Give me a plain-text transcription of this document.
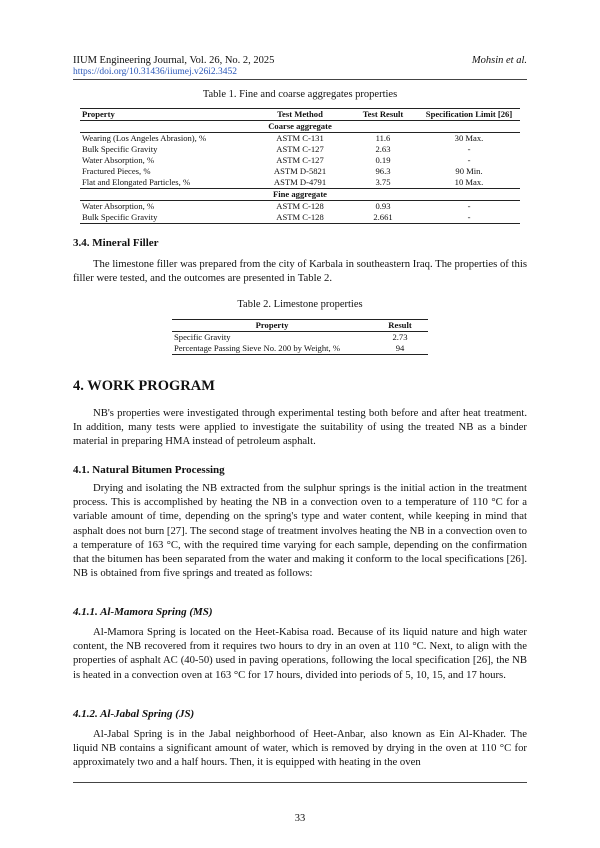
IIUM Engineering Journal, Vol. 26, No. 2, 2025	Mohsin et al.
https://doi.org/10.31436/iiumej.v26i2.3452
Table 1. Fine and coarse aggregates properties
Property	Test Method	Test Result	Specification Limit [26]
Coarse aggregate			
Wearing (Los Angeles Abrasion), %	ASTM C-131	11.6	30 Max.
Bulk Specific Gravity	ASTM C-127	2.63	-
Water Absorption, %	ASTM C-127	0.19	-
Fractured Pieces, %	ASTM D-5821	96.3	90 Min.
Flat and Elongated Particles, %	ASTM D-4791	3.75	10 Max.
Fine aggregate			
Water Absorption, %	ASTM C-128	0.93	-
Bulk Specific Gravity	ASTM C-128	2.661	-
3.4. Mineral Filler
The limestone filler was prepared from the city of Karbala in southeastern Iraq. The properties of this filler were tested, and the outcomes are presented in Table 2.
Table 2. Limestone properties
Property	Result
Specific Gravity	2.73
Percentage Passing Sieve No. 200 by Weight, %	94
4. WORK PROGRAM
NB's properties were investigated through experimental testing both before and after heat treatment. In addition, many tests were applied to investigate the suitability of using the treated NB as a binder material in preparing HMA instead of petroleum asphalt.
4.1. Natural Bitumen Processing
Drying and isolating the NB extracted from the sulphur springs is the initial action in the treatment process. This is accomplished by heating the NB in a convection oven to a temperature of 110 °C for a variable amount of time, depending on the spring's type and water content, while keeping in mind that asphalt does not burn [27]. The second stage of treatment involves heating the NB in a convection oven to a temperature of 163 °C, with the required time varying for each sample, depending on the confirmation that the bitumen has been separated from the water and making it conform to the local specifications [26]. NB is obtained from five springs and treated as follows:
4.1.1. Al-Mamora Spring (MS)
Al-Mamora Spring is located on the Heet-Kabisa road. Because of its liquid nature and high water content, the NB recovered from it requires two hours to dry in an oven at 110 °C. Next, to align with the properties of asphalt AC (40-50) used in paving operations, following the local specification [26], the NB is heated in a convection oven at 163 °C for 17 hours, divided into periods of 5, 10, 15, and 17 hours.
4.1.2. Al-Jabal Spring (JS)
Al-Jabal Spring is in the Jabal neighborhood of Heet-Anbar, also known as Ein Al-Khader. The liquid NB contains a significant amount of water, which is removed by drying in the oven at 110 °C for approximately two and a half hours. Then, it is equipped with heating in the oven
33
